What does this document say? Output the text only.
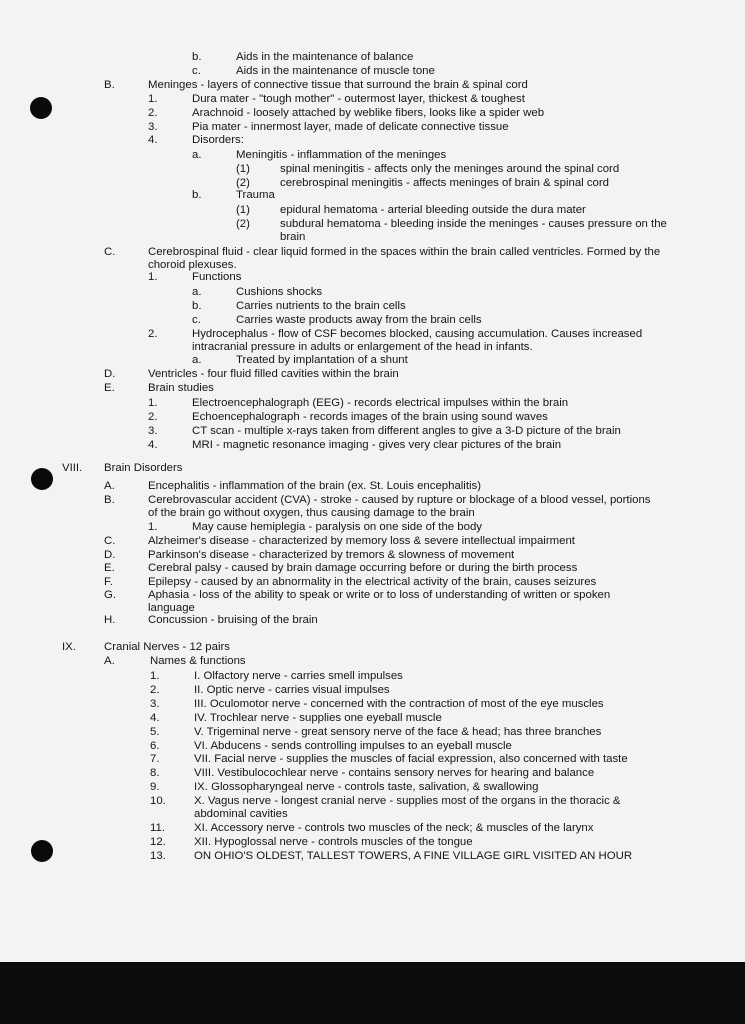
b.	Aids in the maintenance of balance
c.	Aids in the maintenance of muscle tone
B.	Meninges - layers of connective tissue that surround the brain & spinal cord
1.	Dura mater - "tough mother" - outermost layer, thickest & toughest
2.	Arachnoid - loosely attached by weblike fibers, looks like a spider web
3.	Pia mater - innermost layer, made of delicate connective tissue
4.	Disorders:
a.	Meningitis - inflammation of the meninges
(1)	spinal meningitis - affects only the meninges around the spinal cord
(2)	cerebrospinal meningitis - affects meninges of brain & spinal cord
b.	Trauma
(1)	epidural hematoma - arterial bleeding outside the dura mater
(2)	subdural hematoma - bleeding inside the meninges - causes pressure on the brain
C.	Cerebrospinal fluid - clear liquid formed in the spaces within the brain called ventricles. Formed by the choroid plexuses.
1.	Functions
a.	Cushions shocks
b.	Carries nutrients to the brain cells
c.	Carries waste products away from the brain cells
2.	Hydrocephalus - flow of CSF becomes blocked, causing accumulation. Causes increased intracranial pressure in adults or enlargement of the head in infants.
a.	Treated by implantation of a shunt
D.	Ventricles - four fluid filled cavities within the brain
E.	Brain studies
1.	Electroencephalograph (EEG) - records electrical impulses within the brain
2.	Echoencephalograph - records images of the brain using sound waves
3.	CT scan - multiple x-rays taken from different angles to give a 3-D picture of the brain
4.	MRI - magnetic resonance imaging - gives very clear pictures of the brain
VIII. Brain Disorders
A.	Encephalitis - inflammation of the brain (ex. St. Louis encephalitis)
B.	Cerebrovascular accident (CVA) - stroke - caused by rupture or blockage of a blood vessel, portions of the brain go without oxygen, thus causing damage to the brain
1.	May cause hemiplegia - paralysis on one side of the body
C.	Alzheimer's disease - characterized by memory loss & severe intellectual impairment
D.	Parkinson's disease - characterized by tremors & slowness of movement
E.	Cerebral palsy - caused by brain damage occurring before or during the birth process
F.	Epilepsy - caused by an abnormality in the electrical activity of the brain, causes seizures
G.	Aphasia - loss of the ability to speak or write or to loss of understanding of written or spoken language
H.	Concussion - bruising of the brain
IX. Cranial Nerves - 12 pairs
A.	Names & functions
1.	I. Olfactory nerve - carries smell impulses
2.	II. Optic nerve - carries visual impulses
3.	III. Oculomotor nerve - concerned with the contraction of most of the eye muscles
4.	IV. Trochlear nerve - supplies one eyeball muscle
5.	V. Trigeminal nerve - great sensory nerve of the face & head; has three branches
6.	VI. Abducens - sends controlling impulses to an eyeball muscle
7.	VII. Facial nerve - supplies the muscles of facial expression, also concerned with taste
8.	VIII. Vestibulocochlear nerve - contains sensory nerves for hearing and balance
9.	IX. Glossopharyngeal nerve - controls taste, salivation, & swallowing
10. X. Vagus nerve - longest cranial nerve - supplies most of the organs in the thoracic & abdominal cavities
11.	XI. Accessory nerve - controls two muscles of the neck; & muscles of the larynx
12. XII. Hypoglossal nerve - controls muscles of the tongue
13. ON OHIO'S OLDEST, TALLEST TOWERS, A FINE VILLAGE GIRL VISITED AN HOUR
